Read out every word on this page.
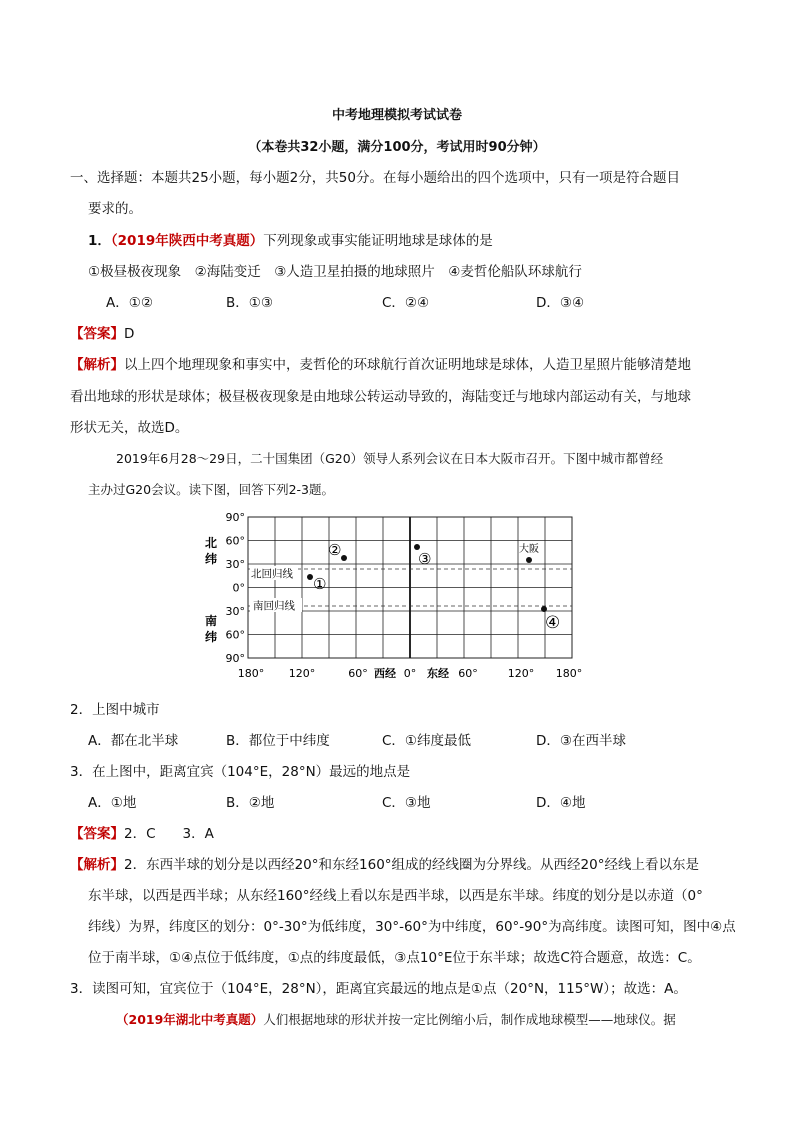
中考地理模拟考试试卷
（本卷共32小题，满分100分，考试用时90分钟）
一、选择题：本题共25小题，每小题2分，共50分。在每小题给出的四个选项中，只有一项是符合题目
要求的。
1．（2019年陕西中考真题）下列现象或事实能证明地球是球体的是
①极昼极夜现象　②海陆变迁　③人造卫星拍摄的地球照片　④麦哲伦船队环球航行
A．①②	B．①③	C．②④	D．③④
【答案】D
【解析】以上四个地理现象和事实中，麦哲伦的环球航行首次证明地球是球体，人造卫星照片能够清楚地
看出地球的形状是球体；极昼极夜现象是由地球公转运动导致的，海陆变迁与地球内部运动有关，与地球
形状无关，故选D。
2019年6月28～29日，二十国集团（G20）领导人系列会议在日本大阪市召开。下图中城市都曾经
主办过G20会议。读下图，回答下列2-3题。
北
纬
南
纬
90°
60°
30°
0°
30°
60°
90°
北回归线
南回归线
180° 120°	60° 西经 0° 东经 60°	120° 180°
①
②	③
大阪
④
2．上图中城市
A．都在北半球	B．都位于中纬度	C．①纬度最低	D．③在西半球
3．在上图中，距离宜宾（104°E，28°N）最远的地点是
A．①地	B．②地	C．③地	D．④地
【答案】2．C　　3．A
【解析】2．东西半球的划分是以西经20°和东经160°组成的经线圈为分界线。从西经20°经线上看以东是
东半球，以西是西半球；从东经160°经线上看以东是西半球，以西是东半球。纬度的划分是以赤道（0°
纬线）为界，纬度区的划分：0°-30°为低纬度，30°-60°为中纬度，60°-90°为高纬度。读图可知，图中④点
位于南半球，①④点位于低纬度，①点的纬度最低，③点10°E位于东半球；故选C符合题意，故选：C。
3．读图可知，宜宾位于（104°E，28°N），距离宜宾最远的地点是①点（20°N，115°W）；故选：A。
（2019年湖北中考真题）人们根据地球的形状并按一定比例缩小后，制作成地球模型——地球仪。据
